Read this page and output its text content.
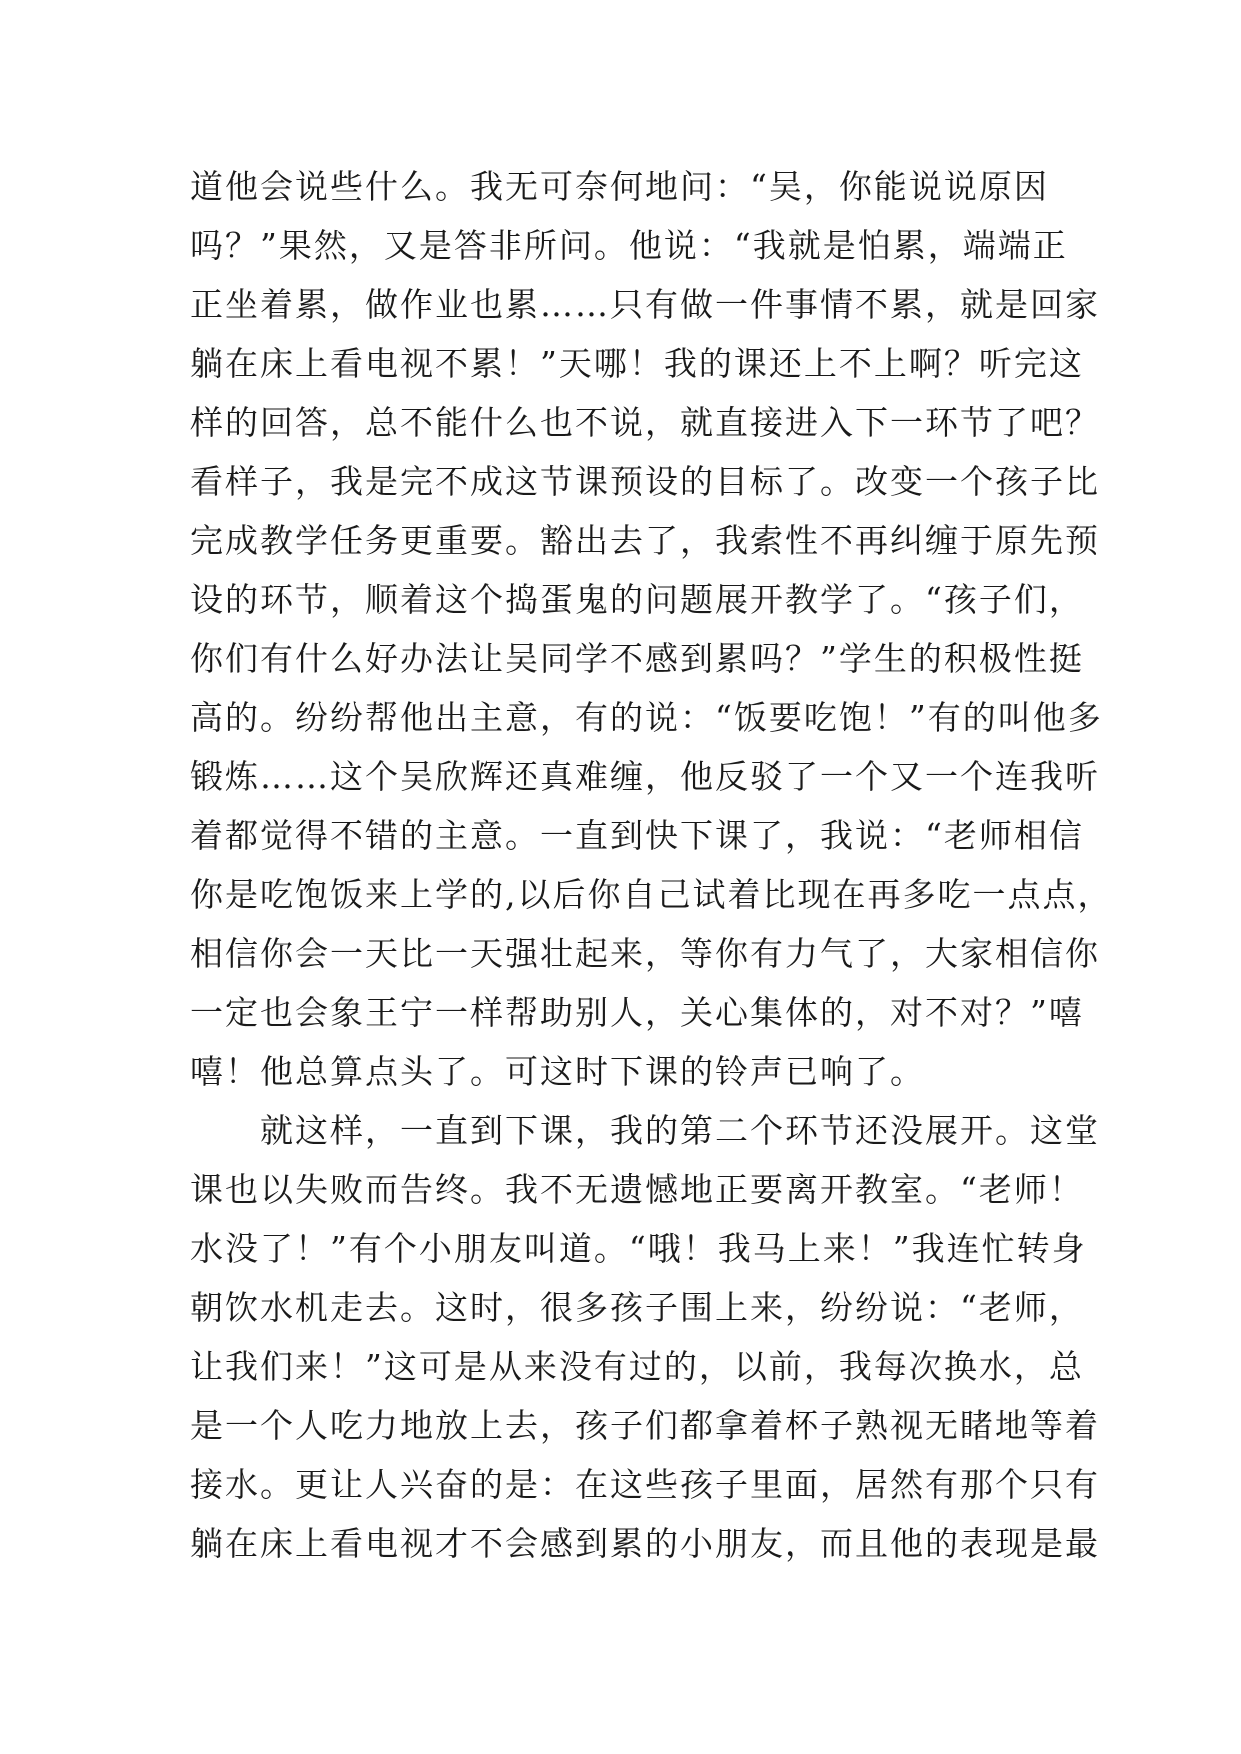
道他会说些什么。我无可奈何地问：“吴，你能说说原因
吗？”果然，又是答非所问。他说：“我就是怕累，端端正
正坐着累，做作业也累……只有做一件事情不累，就是回家
躺在床上看电视不累！”天哪！我的课还上不上啊？听完这
样的回答，总不能什么也不说，就直接进入下一环节了吧？
看样子，我是完不成这节课预设的目标了。改变一个孩子比
完成教学任务更重要。豁出去了，我索性不再纠缠于原先预
设的环节，顺着这个捣蛋鬼的问题展开教学了。“孩子们，
你们有什么好办法让吴同学不感到累吗？”学生的积极性挺
高的。纷纷帮他出主意，有的说：“饭要吃饱！”有的叫他多
锻炼……这个吴欣辉还真难缠，他反驳了一个又一个连我听
着都觉得不错的主意。一直到快下课了，我说：“老师相信
你是吃饱饭来上学的,以后你自己试着比现在再多吃一点点，
相信你会一天比一天强壮起来，等你有力气了，大家相信你
一定也会象王宁一样帮助别人，关心集体的，对不对？”嘻
嘻！他总算点头了。可这时下课的铃声已响了。
　　就这样，一直到下课，我的第二个环节还没展开。这堂
课也以失败而告终。我不无遗憾地正要离开教室。“老师！
水没了！”有个小朋友叫道。“哦！我马上来！”我连忙转身
朝饮水机走去。这时，很多孩子围上来，纷纷说：“老师，
让我们来！”这可是从来没有过的，以前，我每次换水，总
是一个人吃力地放上去，孩子们都拿着杯子熟视无睹地等着
接水。更让人兴奋的是：在这些孩子里面，居然有那个只有
躺在床上看电视才不会感到累的小朋友，而且他的表现是最
